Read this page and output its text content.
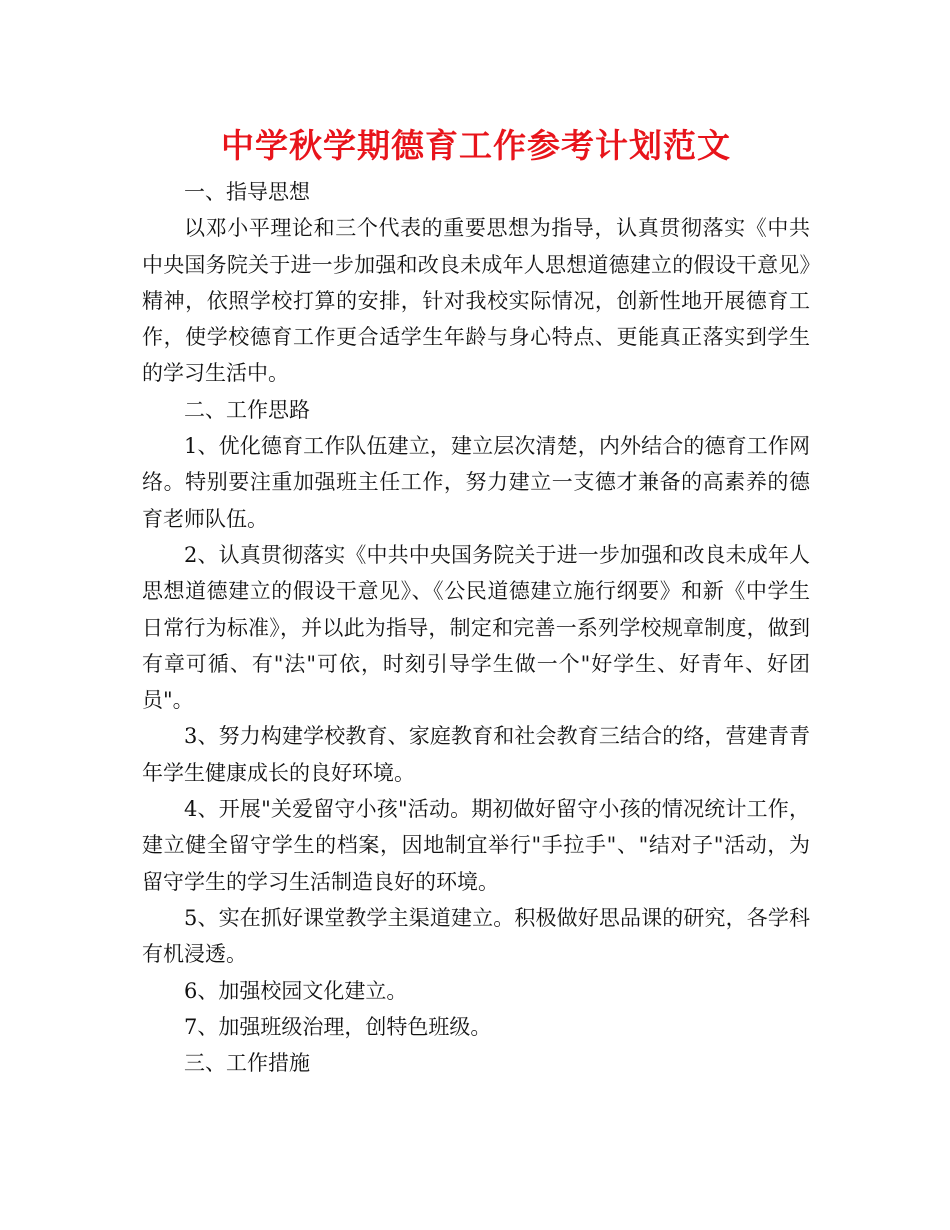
中学秋学期德育工作参考计划范文

一、指导思想

以邓小平理论和三个代表的重要思想为指导，认真贯彻落实《中共中央国务院关于进一步加强和改良未成年人思想道德建立的假设干意见》精神，依照学校打算的安排，针对我校实际情况，创新性地开展德育工作，使学校德育工作更合适学生年龄与身心特点、更能真正落实到学生的学习生活中。

二、工作思路

1、优化德育工作队伍建立，建立层次清楚，内外结合的德育工作网络。特别要注重加强班主任工作，努力建立一支德才兼备的高素养的德育老师队伍。

2、认真贯彻落实《中共中央国务院关于进一步加强和改良未成年人思想道德建立的假设干意见》、《公民道德建立施行纲要》和新《中学生日常行为标准》，并以此为指导，制定和完善一系列学校规章制度，做到有章可循、有"法"可依，时刻引导学生做一个"好学生、好青年、好团员"。

3、努力构建学校教育、家庭教育和社会教育三结合的络，营建青青年学生健康成长的良好环境。

4、开展"关爱留守小孩"活动。期初做好留守小孩的情况统计工作，建立健全留守学生的档案，因地制宜举行"手拉手"、"结对子"活动，为留守学生的学习生活制造良好的环境。

5、实在抓好课堂教学主渠道建立。积极做好思品课的研究，各学科有机浸透。

6、加强校园文化建立。

7、加强班级治理，创特色班级。

三、工作措施
